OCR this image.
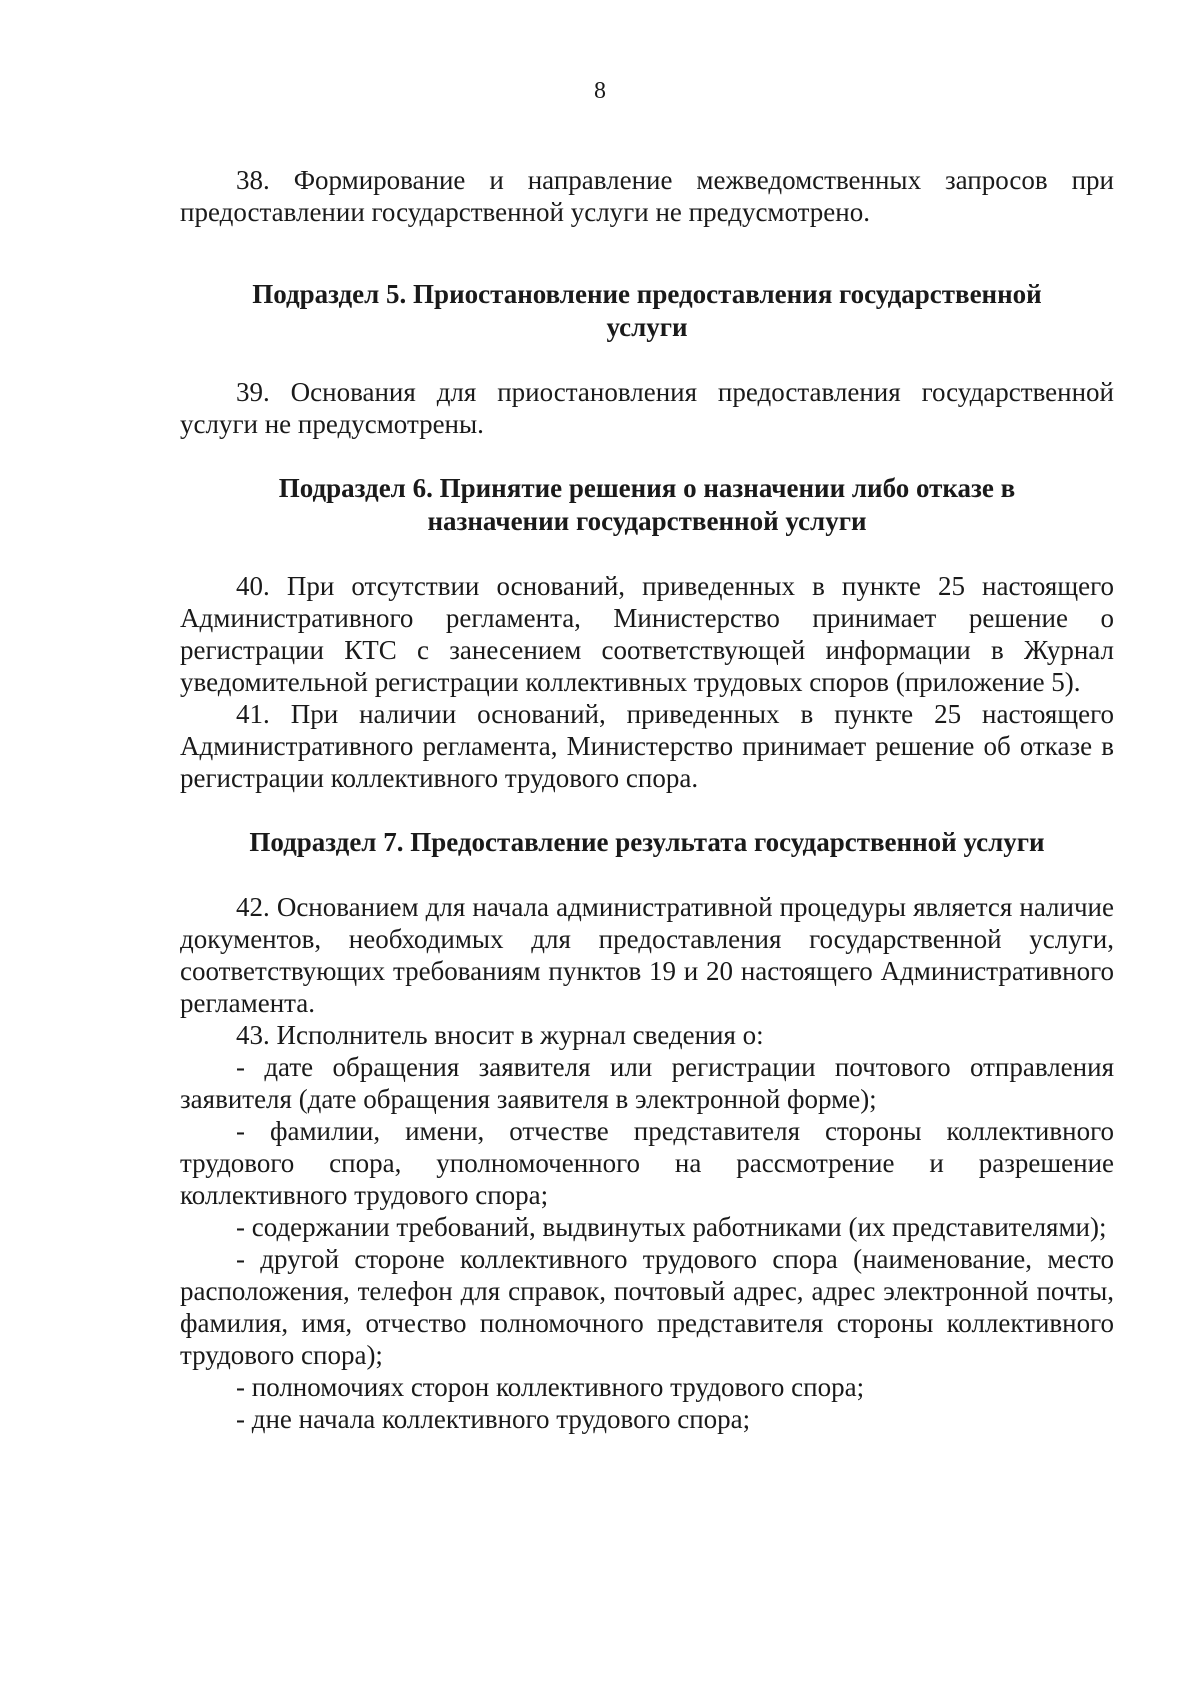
8

38. Формирование и направление межведомственных запросов при предоставлении государственной услуги не предусмотрено.

Подраздел 5. Приостановление предоставления государственной услуги

39. Основания для приостановления предоставления государственной услуги не предусмотрены.

Подраздел 6. Принятие решения о назначении либо отказе в назначении государственной услуги

40. При отсутствии оснований, приведенных в пункте 25 настоящего Административного регламента, Министерство принимает решение о регистрации КТС с занесением соответствующей информации в Журнал уведомительной регистрации коллективных трудовых споров (приложение 5).

41. При наличии оснований, приведенных в пункте 25 настоящего Административного регламента, Министерство принимает решение об отказе в регистрации коллективного трудового спора.

Подраздел 7. Предоставление результата государственной услуги

42. Основанием для начала административной процедуры является наличие документов, необходимых для предоставления государственной услуги, соответствующих требованиям пунктов 19 и 20 настоящего Административного регламента.

43. Исполнитель вносит в журнал сведения о:

- дате обращения заявителя или регистрации почтового отправления заявителя (дате обращения заявителя в электронной форме);

- фамилии, имени, отчестве представителя стороны коллективного трудового спора, уполномоченного на рассмотрение и разрешение коллективного трудового спора;

- содержании требований, выдвинутых работниками (их представителями);

- другой стороне коллективного трудового спора (наименование, место расположения, телефон для справок, почтовый адрес, адрес электронной почты, фамилия, имя, отчество полномочного представителя стороны коллективного трудового спора);

- полномочиях сторон коллективного трудового спора;

- дне начала коллективного трудового спора;
